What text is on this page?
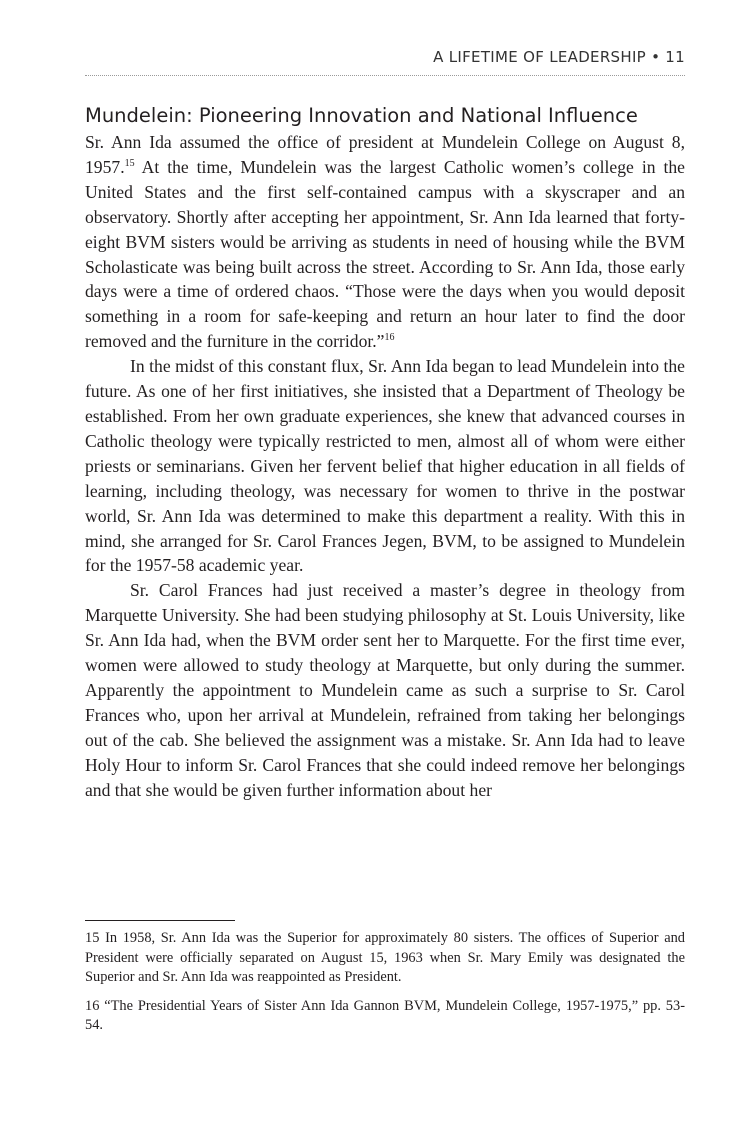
A LIFETIME OF LEADERSHIP • 11
Mundelein: Pioneering Innovation and National Influence

Sr. Ann Ida assumed the office of president at Mundelein College on August 8, 1957.15 At the time, Mundelein was the largest Catholic women’s college in the United States and the first self-contained campus with a skyscraper and an observatory. Shortly after accepting her appointment, Sr. Ann Ida learned that forty-eight BVM sisters would be arriving as students in need of housing while the BVM Scholasticate was being built across the street. According to Sr. Ann Ida, those early days were a time of ordered chaos. “Those were the days when you would deposit something in a room for safe-keeping and return an hour later to find the door removed and the furniture in the corridor.”$^{16}$

In the midst of this constant flux, Sr. Ann Ida began to lead Mundelein into the future. As one of her first initiatives, she insisted that a Department of Theology be established. From her own graduate experiences, she knew that advanced courses in Catholic theology were typically restricted to men, almost all of whom were either priests or seminarians. Given her fervent belief that higher education in all fields of learning, including theology, was necessary for women to thrive in the postwar world, Sr. Ann Ida was determined to make this department a reality. With this in mind, she arranged for Sr. Carol Frances Jegen, BVM, to be assigned to Mundelein for the 1957-58 academic year.

Sr. Carol Frances had just received a master’s degree in theology from Marquette University. She had been studying philosophy at St. Louis University, like Sr. Ann Ida had, when the BVM order sent her to Marquette. For the first time ever, women were allowed to study theology at Marquette, but only during the summer. Apparently the appointment to Mundelein came as such a surprise to Sr. Carol Frances who, upon her arrival at Mundelein, refrained from taking her belongings out of the cab. She believed the assignment was a mistake. Sr. Ann Ida had to leave Holy Hour to inform Sr. Carol Frances that she could indeed remove her belongings and that she would be given further information about her

15 In 1958, Sr. Ann Ida was the Superior for approximately 80 sisters. The offices of Superior and President were officially separated on August 15, 1963 when Sr. Mary Emily was designated the Superior and Sr. Ann Ida was reappointed as President.

16 “The Presidential Years of Sister Ann Ida Gannon BVM, Mundelein College, 1957-1975,” pp. 53-54.
